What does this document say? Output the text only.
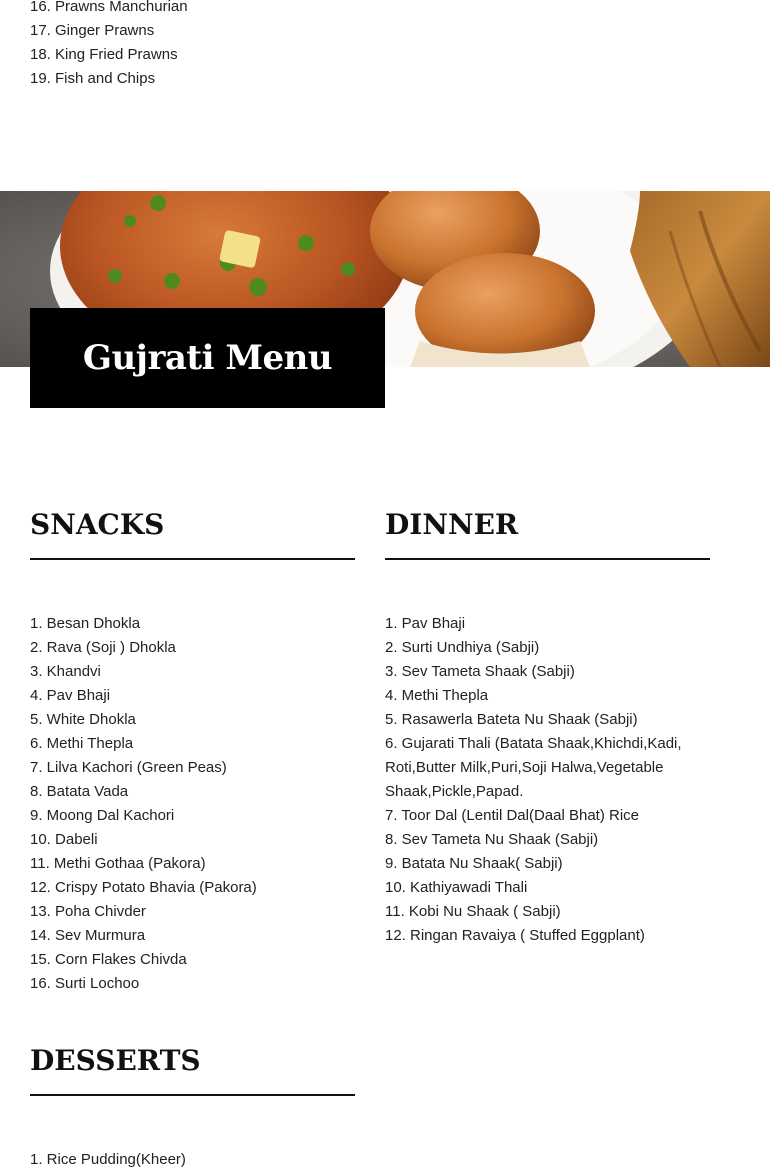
16. Prawns Manchurian
17. Ginger Prawns
18. King Fried Prawns
19. Fish and Chips
Gujrati Menu
SNACKS
1. Besan Dhokla
2. Rava (Soji ) Dhokla
3. Khandvi
4. Pav Bhaji
5. White Dhokla
6. Methi Thepla
7. Lilva Kachori (Green Peas)
8. Batata Vada
9. Moong Dal Kachori
10. Dabeli
11. Methi Gothaa (Pakora)
12. Crispy Potato Bhavia (Pakora)
13. Poha Chivder
14. Sev Murmura
15. Corn Flakes Chivda
16. Surti Lochoo
DINNER
1. Pav Bhaji
2. Surti Undhiya (Sabji)
3. Sev Tameta Shaak (Sabji)
4. Methi Thepla
5. Rasawerla Bateta Nu Shaak (Sabji)
6. Gujarati Thali (Batata Shaak,Khichdi,Kadi, Roti,Butter Milk,Puri,Soji Halwa,Vegetable Shaak,Pickle,Papad.
7. Toor Dal (Lentil Dal(Daal Bhat) Rice
8. Sev Tameta Nu Shaak (Sabji)
9. Batata Nu Shaak( Sabji)
10. Kathiyawadi Thali
11. Kobi Nu Shaak ( Sabji)
12. Ringan Ravaiya ( Stuffed Eggplant)
DESSERTS
1. Rice Pudding(Kheer)
